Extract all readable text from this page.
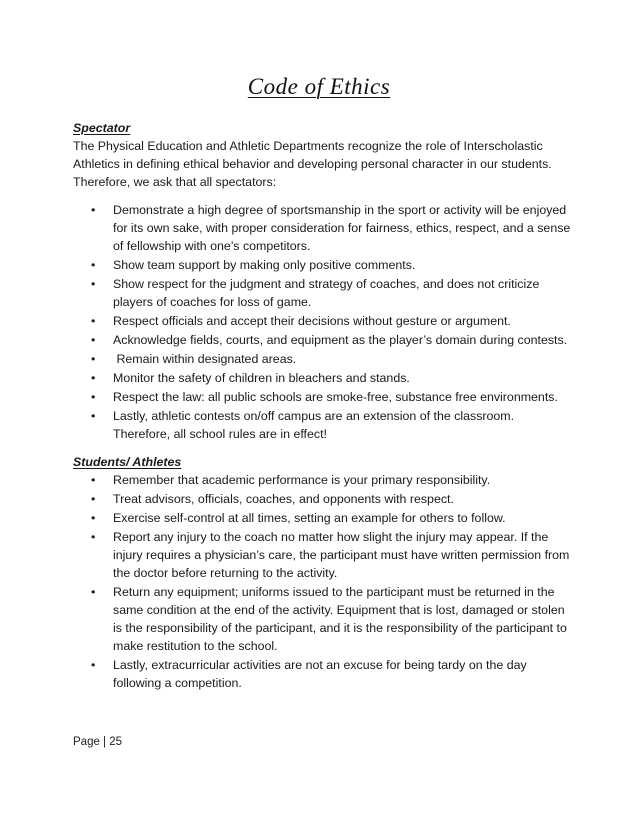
Code of Ethics

Spectator

The Physical Education and Athletic Departments recognize the role of Interscholastic Athletics in defining ethical behavior and developing personal character in our students. Therefore, we ask that all spectators:

• Demonstrate a high degree of sportsmanship in the sport or activity will be enjoyed for its own sake, with proper consideration for fairness, ethics, respect, and a sense of fellowship with one’s competitors.
• Show team support by making only positive comments.
• Show respect for the judgment and strategy of coaches, and does not criticize players of coaches for loss of game.
• Respect officials and accept their decisions without gesture or argument.
• Acknowledge fields, courts, and equipment as the player’s domain during contests.
• Remain within designated areas.
• Monitor the safety of children in bleachers and stands.
• Respect the law: all public schools are smoke-free, substance free environments.
• Lastly, athletic contests on/off campus are an extension of the classroom. Therefore, all school rules are in effect!

Students/ Athletes

• Remember that academic performance is your primary responsibility.
• Treat advisors, officials, coaches, and opponents with respect.
• Exercise self-control at all times, setting an example for others to follow.
• Report any injury to the coach no matter how slight the injury may appear. If the injury requires a physician’s care, the participant must have written permission from the doctor before returning to the activity.
• Return any equipment; uniforms issued to the participant must be returned in the same condition at the end of the activity. Equipment that is lost, damaged or stolen is the responsibility of the participant, and it is the responsibility of the participant to make restitution to the school.
• Lastly, extracurricular activities are not an excuse for being tardy on the day following a competition.
Page | 25
